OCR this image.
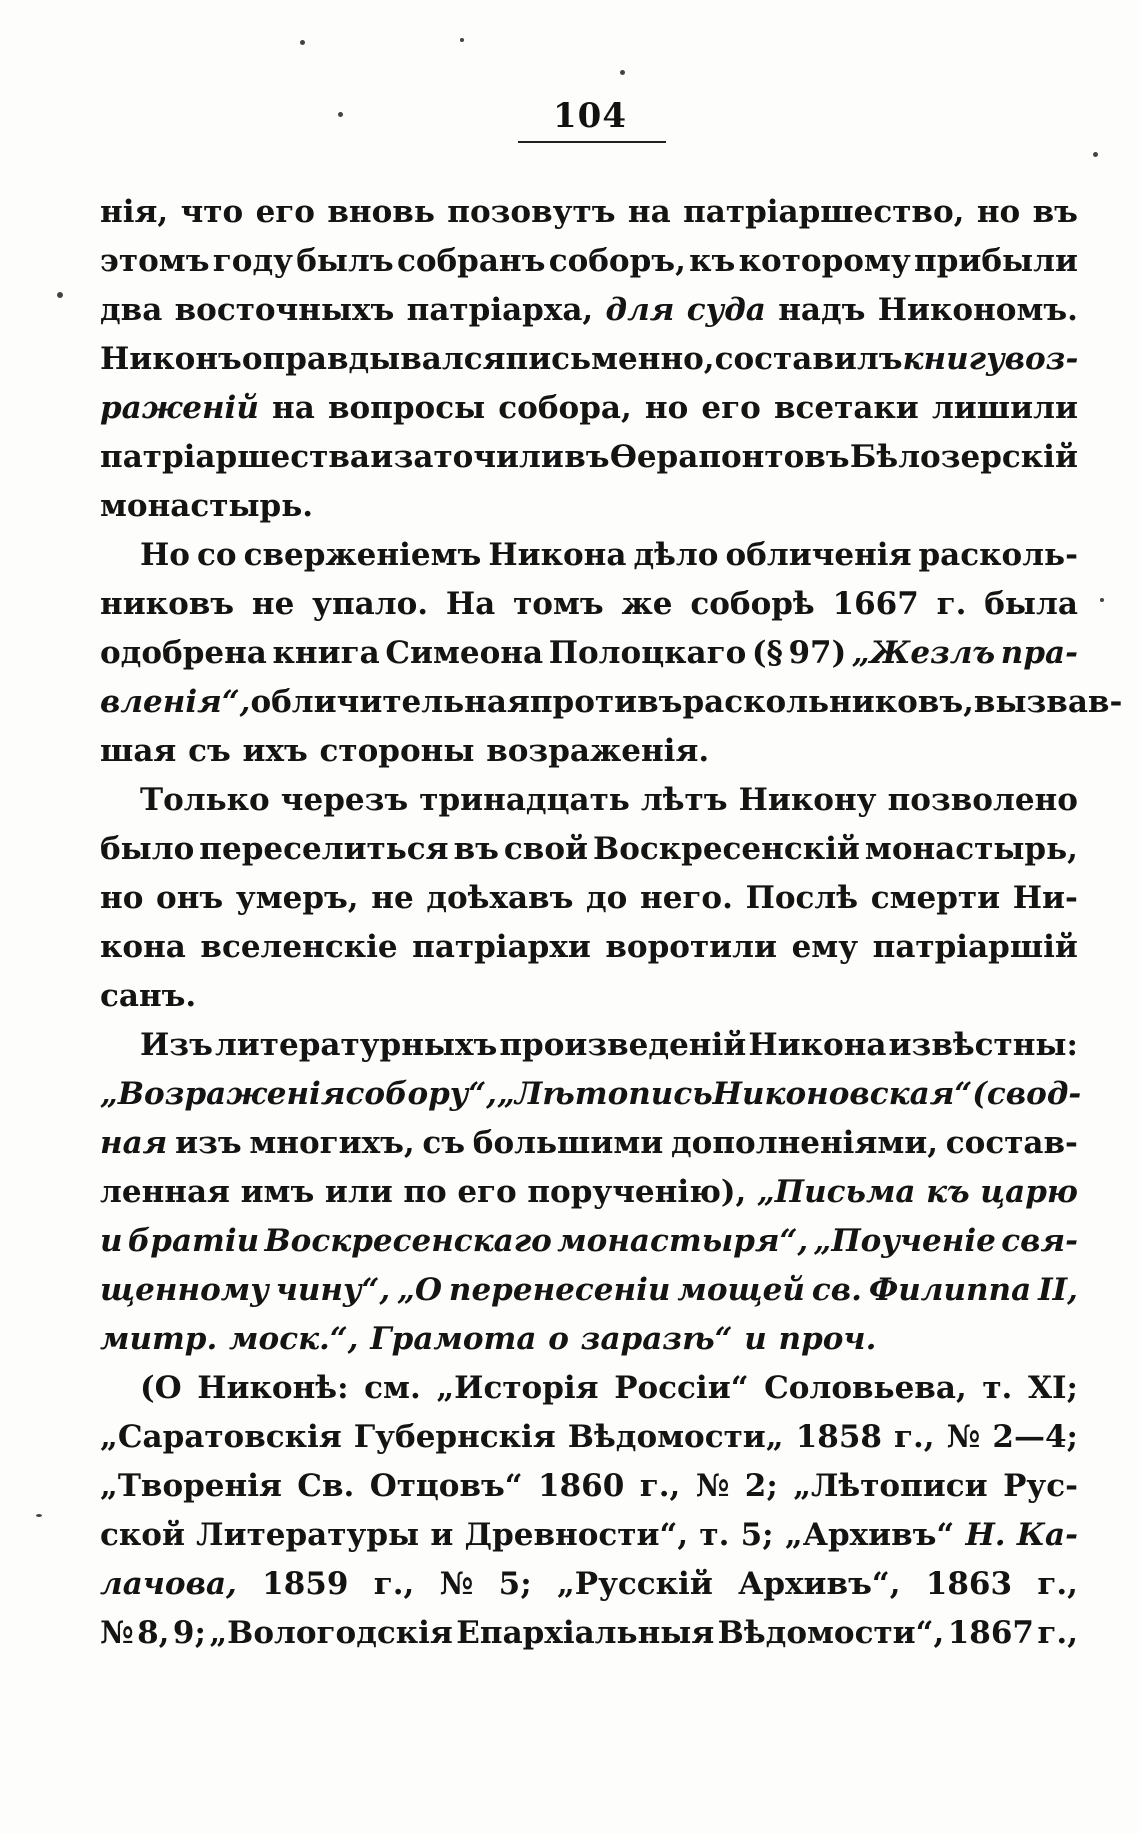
104
нія, что его вновь позовутъ на патріаршество, но въ
этомъ году былъ собранъ соборъ, къ которому прибыли
два восточныхъ патріарха, для суда надъ Никономъ.
Никонъ оправдывался письменно, составилъ книгу воз-
раженій на вопросы собора, но его всетаки лишили
патріаршества и заточили въ Ѳерапонтовъ Бѣлозерскій
монастырь.
Но со сверженіемъ Никона дѣло обличенія расколь-
никовъ не упало. На томъ же соборѣ 1667 г. была
одобрена книга Симеона Полоцкаго (§ 97) „Жезлъ пра-
вленія“, обличительная противъ раскольниковъ, вызвав-
шая съ ихъ стороны возраженія.
Только черезъ тринадцать лѣтъ Никону позволено
было переселиться въ свой Воскресенскій монастырь,
но онъ умеръ, не доѣхавъ до него. Послѣ смерти Ни-
кона вселенскіе патріархи воротили ему патріаршій
санъ.
Изъ литературныхъ произведеній Никона извѣстны:
„Возраженія собору“, „Лѣтопись Никоновская“ (свод-
ная изъ многихъ, съ большими дополненіями, состав-
ленная имъ или по его порученію), „Письма къ царю
и братіи Воскресенскаго монастыря“, „Поученіе свя-
щенному чину“, „О перенесеніи мощей св. Филиппа II,
митр. моск.“, Грамота о заразѣ“ и проч.
(О Никонѣ: см. „Исторія Россіи“ Соловьева, т. XI;
„Саратовскія Губернскія Вѣдомости„ 1858 г., № 2—4;
„Творенія Св. Отцовъ“ 1860 г., № 2; „Лѣтописи Рус-
ской Литературы и Древности“, т. 5; „Архивъ“ Н. Ка-
лачова, 1859 г., № 5; „Русскій Архивъ“, 1863 г.,
№ 8, 9; „Вологодскія Епархіальныя Вѣдомости“, 1867 г.,
